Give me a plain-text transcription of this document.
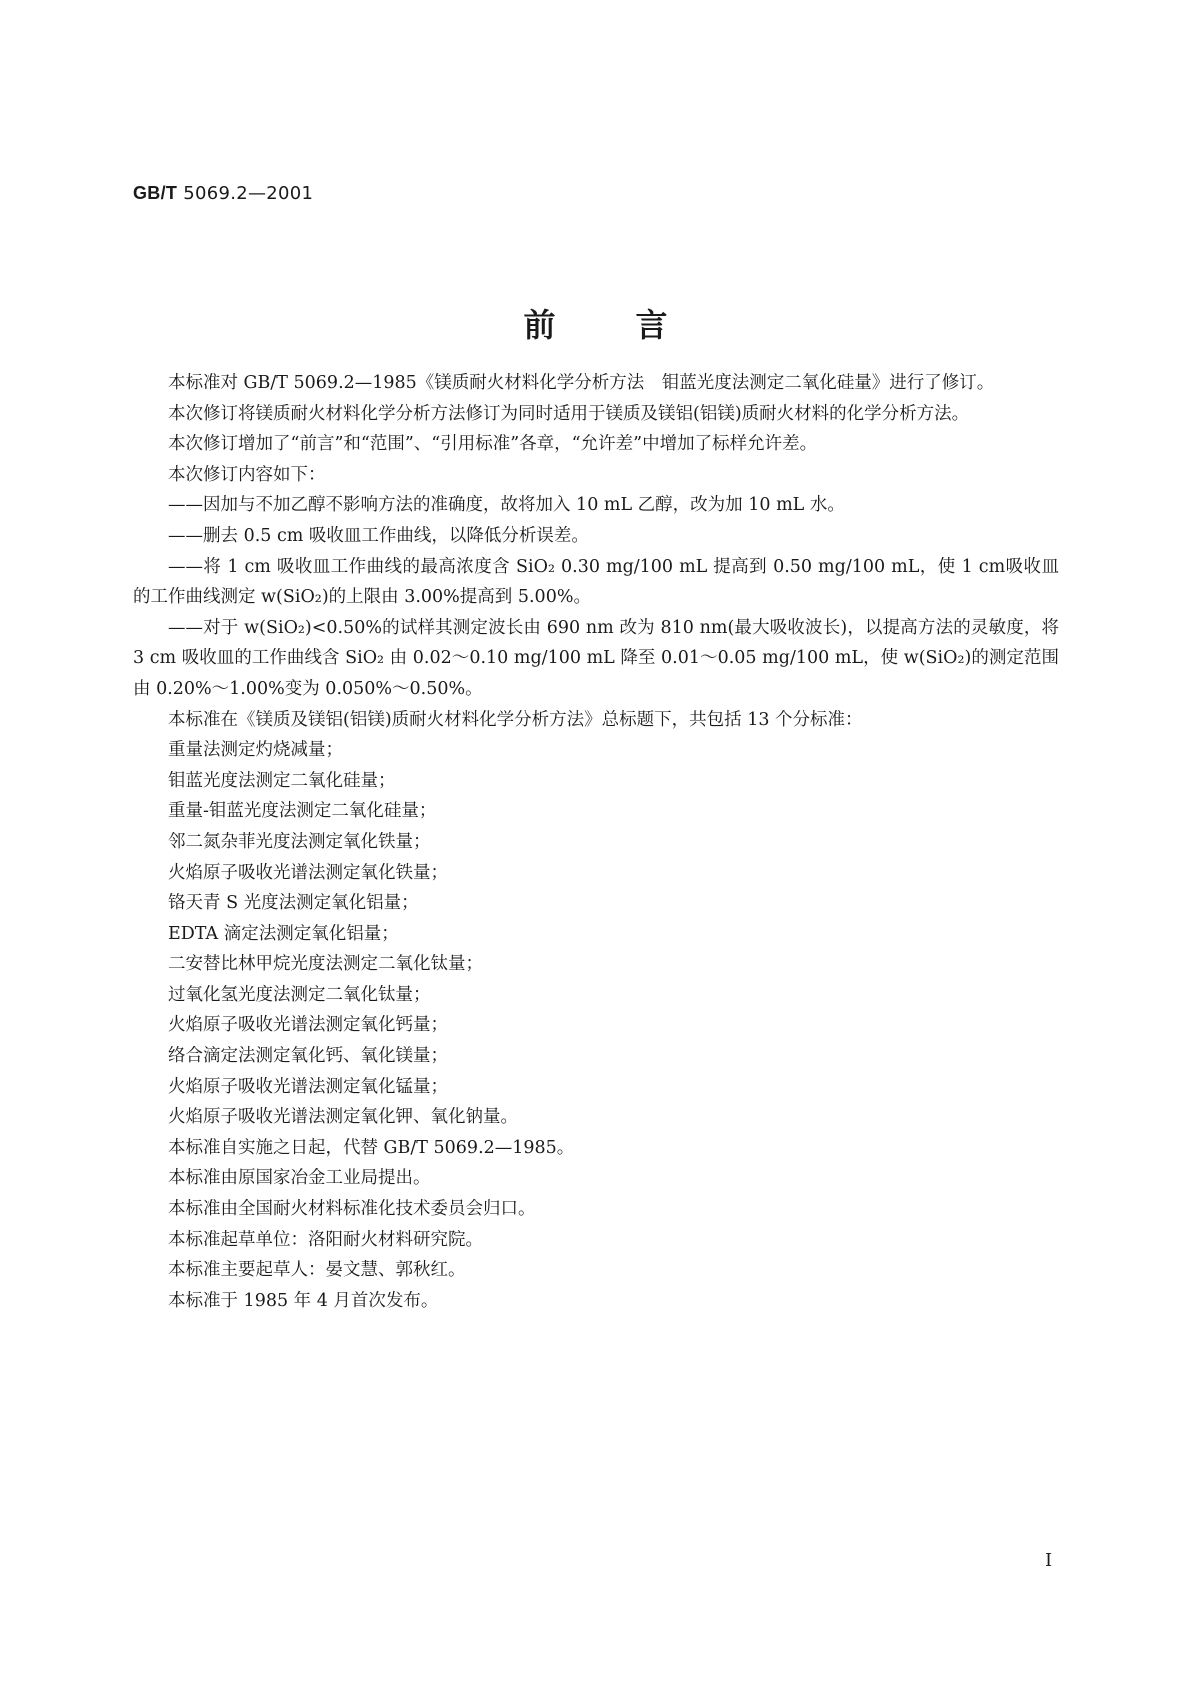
GB/T 5069.2—2001
前	言

本标准对 GB/T 5069.2—1985《镁质耐火材料化学分析方法　钼蓝光度法测定二氧化硅量》进行了修订。

本次修订将镁质耐火材料化学分析方法修订为同时适用于镁质及镁铝(铝镁)质耐火材料的化学分析方法。

本次修订增加了“前言”和“范围”、“引用标准”各章，“允许差”中增加了标样允许差。

本次修订内容如下：

——因加与不加乙醇不影响方法的准确度，故将加入 10 mL 乙醇，改为加 10 mL 水。

——删去 0.5 cm 吸收皿工作曲线，以降低分析误差。

——将 1 cm 吸收皿工作曲线的最高浓度含 SiO₂ 0.30 mg/100 mL 提高到 0.50 mg/100 mL，使 1 cm吸收皿的工作曲线测定 w(SiO₂)的上限由 3.00%提高到 5.00%。

——对于 w(SiO₂)<0.50%的试样其测定波长由 690 nm 改为 810 nm(最大吸收波长)，以提高方法的灵敏度，将 3 cm 吸收皿的工作曲线含 SiO₂ 由 0.02～0.10 mg/100 mL 降至 0.01～0.05 mg/100 mL，使 w(SiO₂)的测定范围由 0.20%～1.00%变为 0.050%～0.50%。

本标准在《镁质及镁铝(铝镁)质耐火材料化学分析方法》总标题下，共包括 13 个分标准：

重量法测定灼烧减量；

钼蓝光度法测定二氧化硅量；

重量-钼蓝光度法测定二氧化硅量；

邻二氮杂菲光度法测定氧化铁量；

火焰原子吸收光谱法测定氧化铁量；

铬天青 S 光度法测定氧化铝量；

EDTA 滴定法测定氧化铝量；

二安替比林甲烷光度法测定二氧化钛量；

过氧化氢光度法测定二氧化钛量；

火焰原子吸收光谱法测定氧化钙量；

络合滴定法测定氧化钙、氧化镁量；

火焰原子吸收光谱法测定氧化锰量；

火焰原子吸收光谱法测定氧化钾、氧化钠量。

本标准自实施之日起，代替 GB/T 5069.2—1985。

本标准由原国家冶金工业局提出。

本标准由全国耐火材料标准化技术委员会归口。

本标准起草单位：洛阳耐火材料研究院。

本标准主要起草人：晏文慧、郭秋红。

本标准于 1985 年 4 月首次发布。

I
